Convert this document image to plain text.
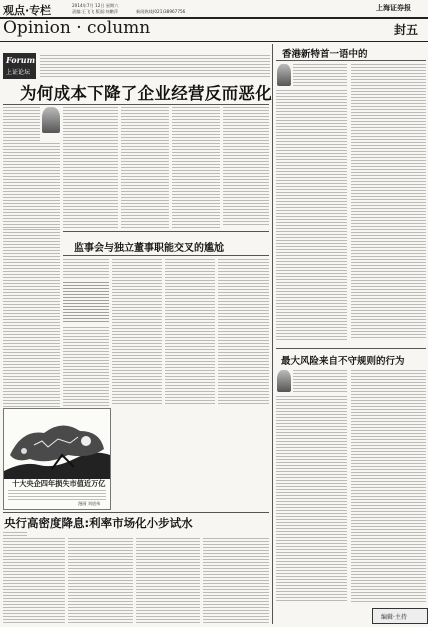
观点·专栏	2014年7月 12日 星期六
责编:王飞飞 版面:何鹏萍	新闻热线(021)38967756	上海证券报
Opinion · column	封五
Forum
上证论坛
为何成本下降了企业经营反而恶化
监事会与独立董事职能交叉的尴尬
十大央企四年损失市值近万亿
漫画 刘道伟
央行高密度降息:利率市场化小步试水
香港新特首一语中的
最大风险来自不守规则的行为
编辑·主持
